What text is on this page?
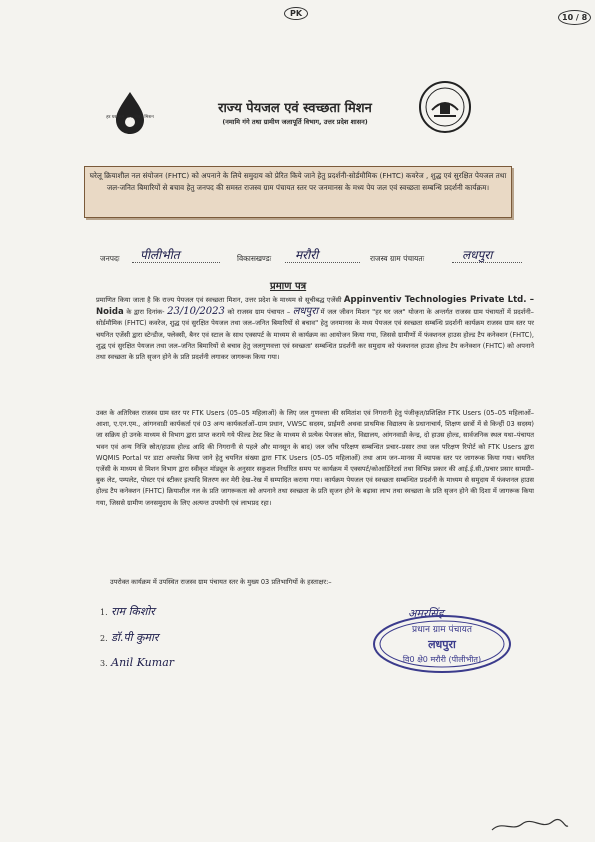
PK	10 / 8
हर घर जल जल जीवन मिशन
राज्य पेयजल एवं स्वच्छता मिशन
(नमामि गंगे तथा ग्रामीण जलापूर्ति विभाग, उत्तर प्रदेश शासन)
घरेलू क्रियाशील नल संयोजन (FHTC) को अपनाने के लिये समुदाय को प्रेरित किये जाने हेतु प्रदर्शनी-सोर्डमौमिक (FHTC) कवरेज , शुद्ध एवं सुरक्षित पेयजल तथा जल-जनित बिमारियों से बचाव हेतु जनपद की समस्त राजस्व ग्राम पंचायत स्तर पर जनमानस के मध्य पेय जल एवं स्वच्छता सम्बन्धि प्रदर्शनी कार्यक्रम।
जनपदः पीलीभीत	विकासखण्डः मरौरी	राजस्व ग्राम पंचायतः	लधपुरा
प्रमाण पत्र
प्रमाणित किया जाता है कि राज्य पेयजल एवं स्वच्छता मिशन, उत्तर प्रदेश के माध्यम से सूचीबद्ध एजेंसी Appinventiv Technologies Private Ltd. – Noida के द्वारा दिनांक- 23/10/2023 को राजस्व ग्राम पंचायत – लधपुरा में जल जीवन मिशन "हर घर जल" योजना के अन्तर्गत राजस्व ग्राम पंचायतों में प्रदर्शनी–सोर्डमौमिक (FHTC) कवरेज, शुद्ध एवं सुरक्षित पेयजल तथा जल–जनित बिमारियों से बचाव" हेतु जनमानस के मध्य पेयजल एवं स्वच्छता सम्बन्धि प्रदर्शनी कार्यक्रम राजस्व ग्राम स्तर पर चयनित एजेंसी द्वारा स्टेन्डीज, फ्लेक्सी, बैनर एवं स्टाल के साथ एक्सपर्ट के माध्यम से कार्यक्रम का आयोजन किया गया, जिससे ग्रामीणों में फंक्शनल हाउस होल्ड टैप कनेक्शन (FHTC), शुद्ध एवं सुरक्षित पेयजल तथा जल–जनित बिमारियों से बचाव हेतु जलगुणवत्ता एवं स्वच्छता' सम्बन्धित प्रदर्शनी कर समुदाय को फंक्शनल हाउस होल्ड टैप कनेक्शन (FHTC) को अपनाने तथा स्वच्छता के प्रति सृजन होने के प्रति प्रदर्शनी लगाकर जागरूक किया गया।
उक्त के अतिरिक्त राजस्व ग्राम स्तर पर FTK Users (05–05 महिलाओं) के लिए जल गुणवत्ता की समितांश एवं निगरानी हेतु पंजीकृत/प्रशिक्षित FTK Users (05–05 महिलाओं–आशा, ए.एन.एम., आंगनवाडी कार्यकर्ता एवं 03 अन्य कार्यकर्ताओं–ग्राम प्रधान, VWSC सदस्य, प्राईमरी अथवा प्राथमिक विद्यालय के प्रधानाचार्य, शिक्षण छात्रों में से किन्हीं 03 सदस्य) जा सक्रिय हो उनके माध्यम से विभाग द्वारा प्राप्त कराये गये फील्ड टेस्ट किट के माध्यम से प्रत्येक पेयजल स्रोत, विद्यालय, आंगनवाडी केन्द्र, दो हाउस होल्ड, सार्वजनिक स्थल यथा–पंचायत भवन एवं अन्य निजि स्रोत/हाउस होल्ड आदि की निगरानी से पहले और मानसून के बाद) जल जाँच परिक्षण सम्बन्धित प्रचार–प्रसार तथा जल परिक्षण रिपोर्ट को FTK Users द्वारा WQMIS Portal पर डाटा अपलोड किया जाने हेतु चयनित संख्या द्वारा FTK Users (05–05 महिलाओं) तथा आम जन–मानस में व्यापक स्तर पर जागरूक किया गया। चयनित एजेंसी के माध्यम से मिशन विभाग द्वारा स्वीकृत मॉड्यूल के अनुसार सकुशल निर्धारित समय पर कार्यक्रम में एक्सपर्ट/कोआर्डिनेटर्स तथा विभिन्न प्रकार की आई.ई.सी./प्रचार प्रसार सामग्री–बुक लेट, पम्पलेट, पोस्टर एवं स्टीकर इत्यादि वितरण कर मेरी देख–रेख में सम्पादित कराया गया। कार्यक्रम पेयजल एवं स्वच्छता सम्बन्धित प्रदर्शनी के माध्यम से समुदाय में फंक्शनल हाउस होल्ड टैप कनेक्शन (FHTC) क्रियाशील नल के प्रति जागरूकता को अपनाने तथा स्वच्छता के प्रति सृजन होने के बढ़ावा लाभ तथा स्वच्छता के प्रति सृजन होने की दिशा में जागरूक किया गया, जिससे ग्रामीण जनसमुदाय के लिए अत्यन्त उपयोगी एवं लाभप्रद रहा।
उपरोक्त कार्यक्रम में उपस्थित राजस्व ग्राम पंचायत स्तर के मुख्य 03 प्रतिभागियों के हस्ताक्षर:–
1. राम किशोर
2. डॉ.पी कुमार
3. Anil Kumar
अमरसिंह
प्रधान ग्राम पंचायत
लधपुरा
वि0 क्षे0 मरौरी (पीलीभीत)
